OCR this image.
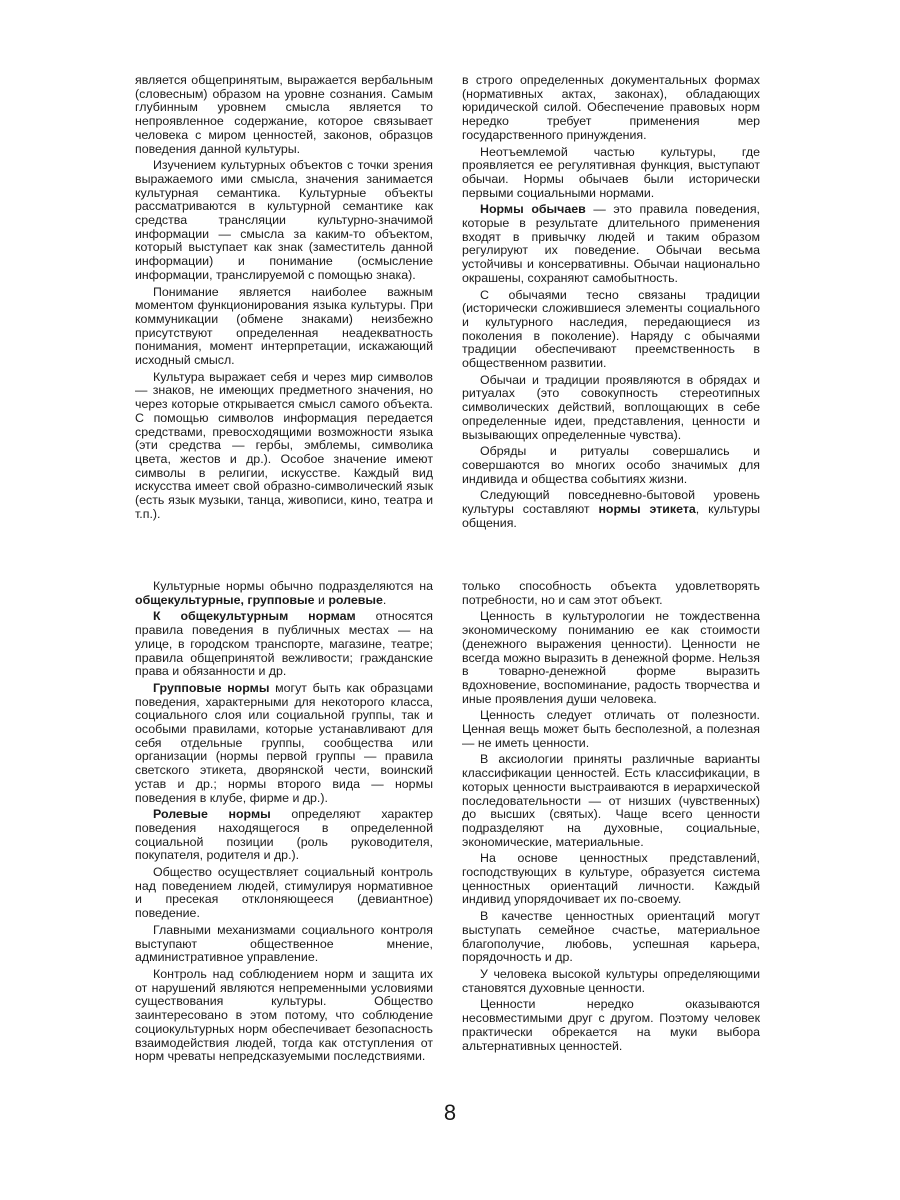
является общепринятым, выражается вербальным (словесным) образом на уровне сознания. Самым глубинным уровнем смысла является то непроявленное содержание, которое связывает человека с миром ценностей, законов, образцов поведения данной культуры.

Изучением культурных объектов с точки зрения выражаемого ими смысла, значения занимается культурная семантика. Культурные объекты рассматриваются в культурной семантике как средства трансляции культурно-значимой информации — смысла за каким-то объектом, который выступает как знак (заместитель данной информации) и понимание (осмысление информации, транслируемой с помощью знака).

Понимание является наиболее важным моментом функционирования языка культуры. При коммуникации (обмене знаками) неизбежно присутствуют определенная неадекватность понимания, момент интерпретации, искажающий исходный смысл.

Культура выражает себя и через мир символов — знаков, не имеющих предметного значения, но через которые открывается смысл самого объекта. С помощью символов информация передается средствами, превосходящими возможности языка (эти средства — гербы, эмблемы, символика цвета, жестов и др.). Особое значение имеют символы в религии, искусстве. Каждый вид искусства имеет свой образно-символический язык (есть язык музыки, танца, живописи, кино, театра и т.п.).

в строго определенных документальных формах (нормативных актах, законах), обладающих юридической силой. Обеспечение правовых норм нередко требует применения мер государственного принуждения.

Неотъемлемой частью культуры, где проявляется ее регулятивная функция, выступают обычаи. Нормы обычаев были исторически первыми социальными нормами.

Нормы обычаев — это правила поведения, которые в результате длительного применения входят в привычку людей и таким образом регулируют их поведение. Обычаи весьма устойчивы и консервативны. Обычаи национально окрашены, сохраняют самобытность.

С обычаями тесно связаны традиции (исторически сложившиеся элементы социального и культурного наследия, передающиеся из поколения в поколение). Наряду с обычаями традиции обеспечивают преемственность в общественном развитии.

Обычаи и традиции проявляются в обрядах и ритуалах (это совокупность стереотипных символических действий, воплощающих в себе определенные идеи, представления, ценности и вызывающих определенные чувства).

Обряды и ритуалы совершались и совершаются во многих особо значимых для индивида и общества событиях жизни.

Следующий повседневно-бытовой уровень культуры составляют нормы этикета, культуры общения.

Культурные нормы обычно подразделяются на общекультурные, групповые и ролевые.

К общекультурным нормам относятся правила поведения в публичных местах — на улице, в городском транспорте, магазине, театре; правила общепринятой вежливости; гражданские права и обязанности и др.

Групповые нормы могут быть как образцами поведения, характерными для некоторого класса, социального слоя или социальной группы, так и особыми правилами, которые устанавливают для себя отдельные группы, сообщества или организации (нормы первой группы — правила светского этикета, дворянской чести, воинский устав и др.; нормы второго вида — нормы поведения в клубе, фирме и др.).

Ролевые нормы определяют характер поведения находящегося в определенной социальной позиции (роль руководителя, покупателя, родителя и др.).

Общество осуществляет социальный контроль над поведением людей, стимулируя нормативное и пресекая отклоняющееся (девиантное) поведение.

Главными механизмами социального контроля выступают общественное мнение, административное управление.

Контроль над соблюдением норм и защита их от нарушений являются непременными условиями существования культуры. Общество заинтересовано в этом потому, что соблюдение социокультурных норм обеспечивает безопасность взаимодействия людей, тогда как отступления от норм чреваты непредсказуемыми последствиями.

только способность объекта удовлетворять потребности, но и сам этот объект.

Ценность в культурологии не тождественна экономическому пониманию ее как стоимости (денежного выражения ценности). Ценности не всегда можно выразить в денежной форме. Нельзя в товарно-денежной форме выразить вдохновение, воспоминание, радость творчества и иные проявления души человека.

Ценность следует отличать от полезности. Ценная вещь может быть бесполезной, а полезная — не иметь ценности.

В аксиологии приняты различные варианты классификации ценностей. Есть классификации, в которых ценности выстраиваются в иерархической последовательности — от низших (чувственных) до высших (святых). Чаще всего ценности подразделяют на духовные, социальные, экономические, материальные.

На основе ценностных представлений, господствующих в культуре, образуется система ценностных ориентаций личности. Каждый индивид упорядочивает их по-своему.

В качестве ценностных ориентаций могут выступать семейное счастье, материальное благополучие, любовь, успешная карьера, порядочность и др.

У человека высокой культуры определяющими становятся духовные ценности.

Ценности нередко оказываются несовместимыми друг с другом. Поэтому человек практически обрекается на муки выбора альтернативных ценностей.

8
